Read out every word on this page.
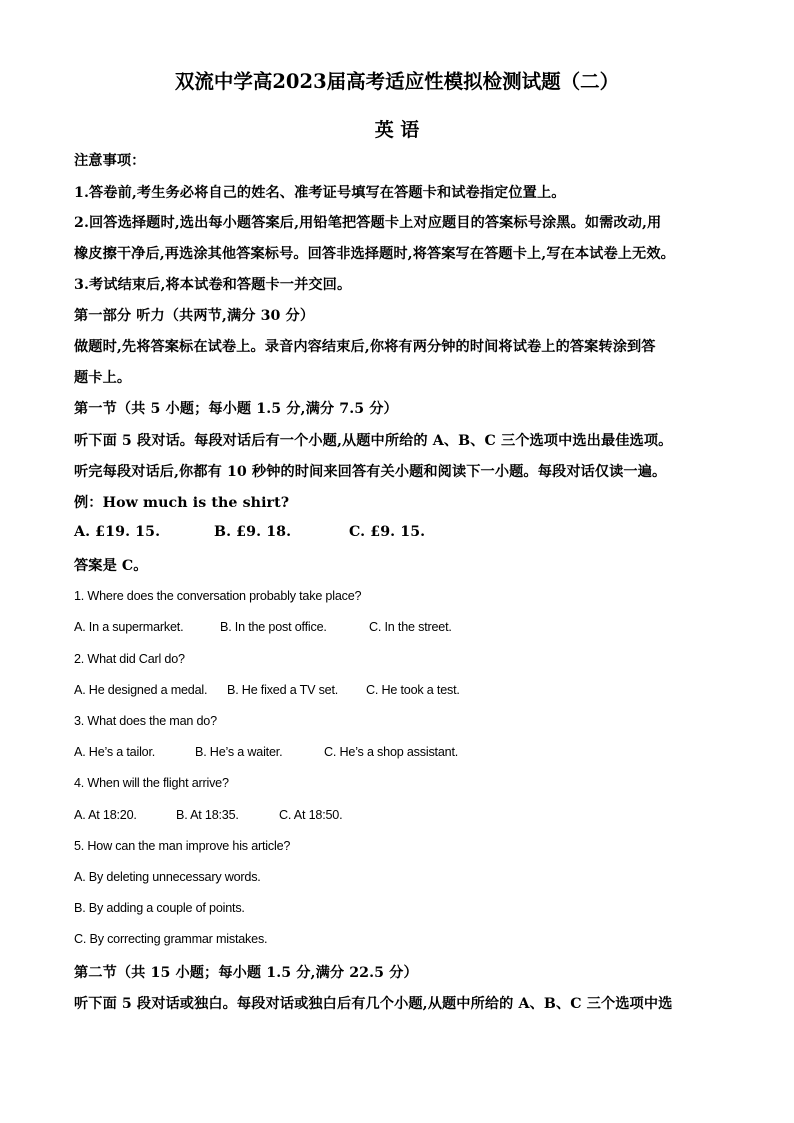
双流中学高2023届高考适应性模拟检测试题（二）
英 语
注意事项：
1.答卷前,考生务必将自己的姓名、准考证号填写在答题卡和试卷指定位置上。
2.回答选择题时,选出每小题答案后,用铅笔把答题卡上对应题目的答案标号涂黑。如需改动,用
橡皮擦干净后,再选涂其他答案标号。回答非选择题时,将答案写在答题卡上,写在本试卷上无效。
3.考试结束后,将本试卷和答题卡一并交回。
第一部分 听力（共两节,满分 30 分）
做题时,先将答案标在试卷上。录音内容结束后,你将有两分钟的时间将试卷上的答案转涂到答
题卡上。
第一节（共 5 小题；每小题 1.5 分,满分 7.5 分）
听下面 5 段对话。每段对话后有一个小题,从题中所给的 A、B、C 三个选项中选出最佳选项。
听完每段对话后,你都有 10 秒钟的时间来回答有关小题和阅读下一小题。每段对话仅读一遍。
例：How much is the shirt?
A. £19. 15.	B. £9. 18.	C. £9. 15.
答案是 C。
1. Where does the conversation probably take place?
A. In a supermarket.	B. In the post office.	C. In the street.
2. What did Carl do?
A. He designed a medal. B. He fixed a TV set. C. He took a test.
3. What does the man do?
A. He’s a tailor.	B. He’s a waiter.	C. He’s a shop assistant.
4. When will the flight arrive?
A. At 18:20.	B. At 18:35.	C. At 18:50.
5. How can the man improve his article?
A. By deleting unnecessary words.
B. By adding a couple of points.
C. By correcting grammar mistakes.
第二节（共 15 小题；每小题 1.5 分,满分 22.5 分）
听下面 5 段对话或独白。每段对话或独白后有几个小题,从题中所给的 A、B、C 三个选项中选
